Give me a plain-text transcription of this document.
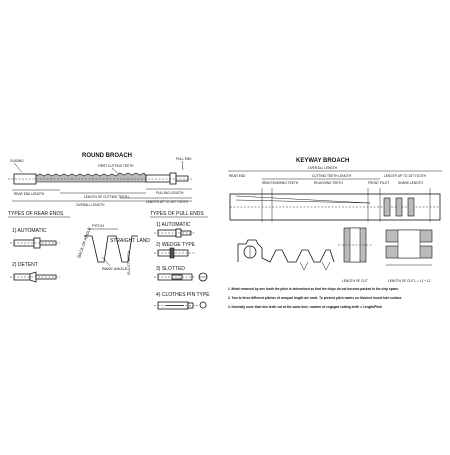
ROUND BROACH
GUIDING	PULL END
FIRST CUTTING TEETH
REAR END LENGTH
LENGTH OF CUTTING TEETH
PULLING LENGTH
OVERALL LENGTH
LENGTH UP TO 1ST TOOTH
TYPES OF REAR ENDS
1) AUTOMATIC
2) DETENT
PITCH
BACK OF ANGLE	STRAIGHT LAND
RAKE ANGLE GULLET DEPTH
TYPES OF PULL ENDS
1) AUTOMATIC
2) WEDGE TYPE
3) SLOTTED
4) CLOTHES PIN TYPE
KEYWAY BROACH
OVER ALL LENGTH
REAR END	LENGTH UP TO 1ST TOOTH
CUTTING TEETH LENGTH
SEMI FINISHING TEETH	ROUGHING TEETH	FRONT PILOT	SHANK LENGTH
LENGTH OF CUT	LENGTH OF CUT L = L1 + L2
1. Metal removed by one tooth the pitch is determined so that the chips do not become packed in the chip space.
2. Two to three different pitches of unequal length are used. To prevent pitch marks on finished round hole surface.
3. Normally more than two teeth cut at the same time, number of engaged cutting teeth = Length/Pitch
